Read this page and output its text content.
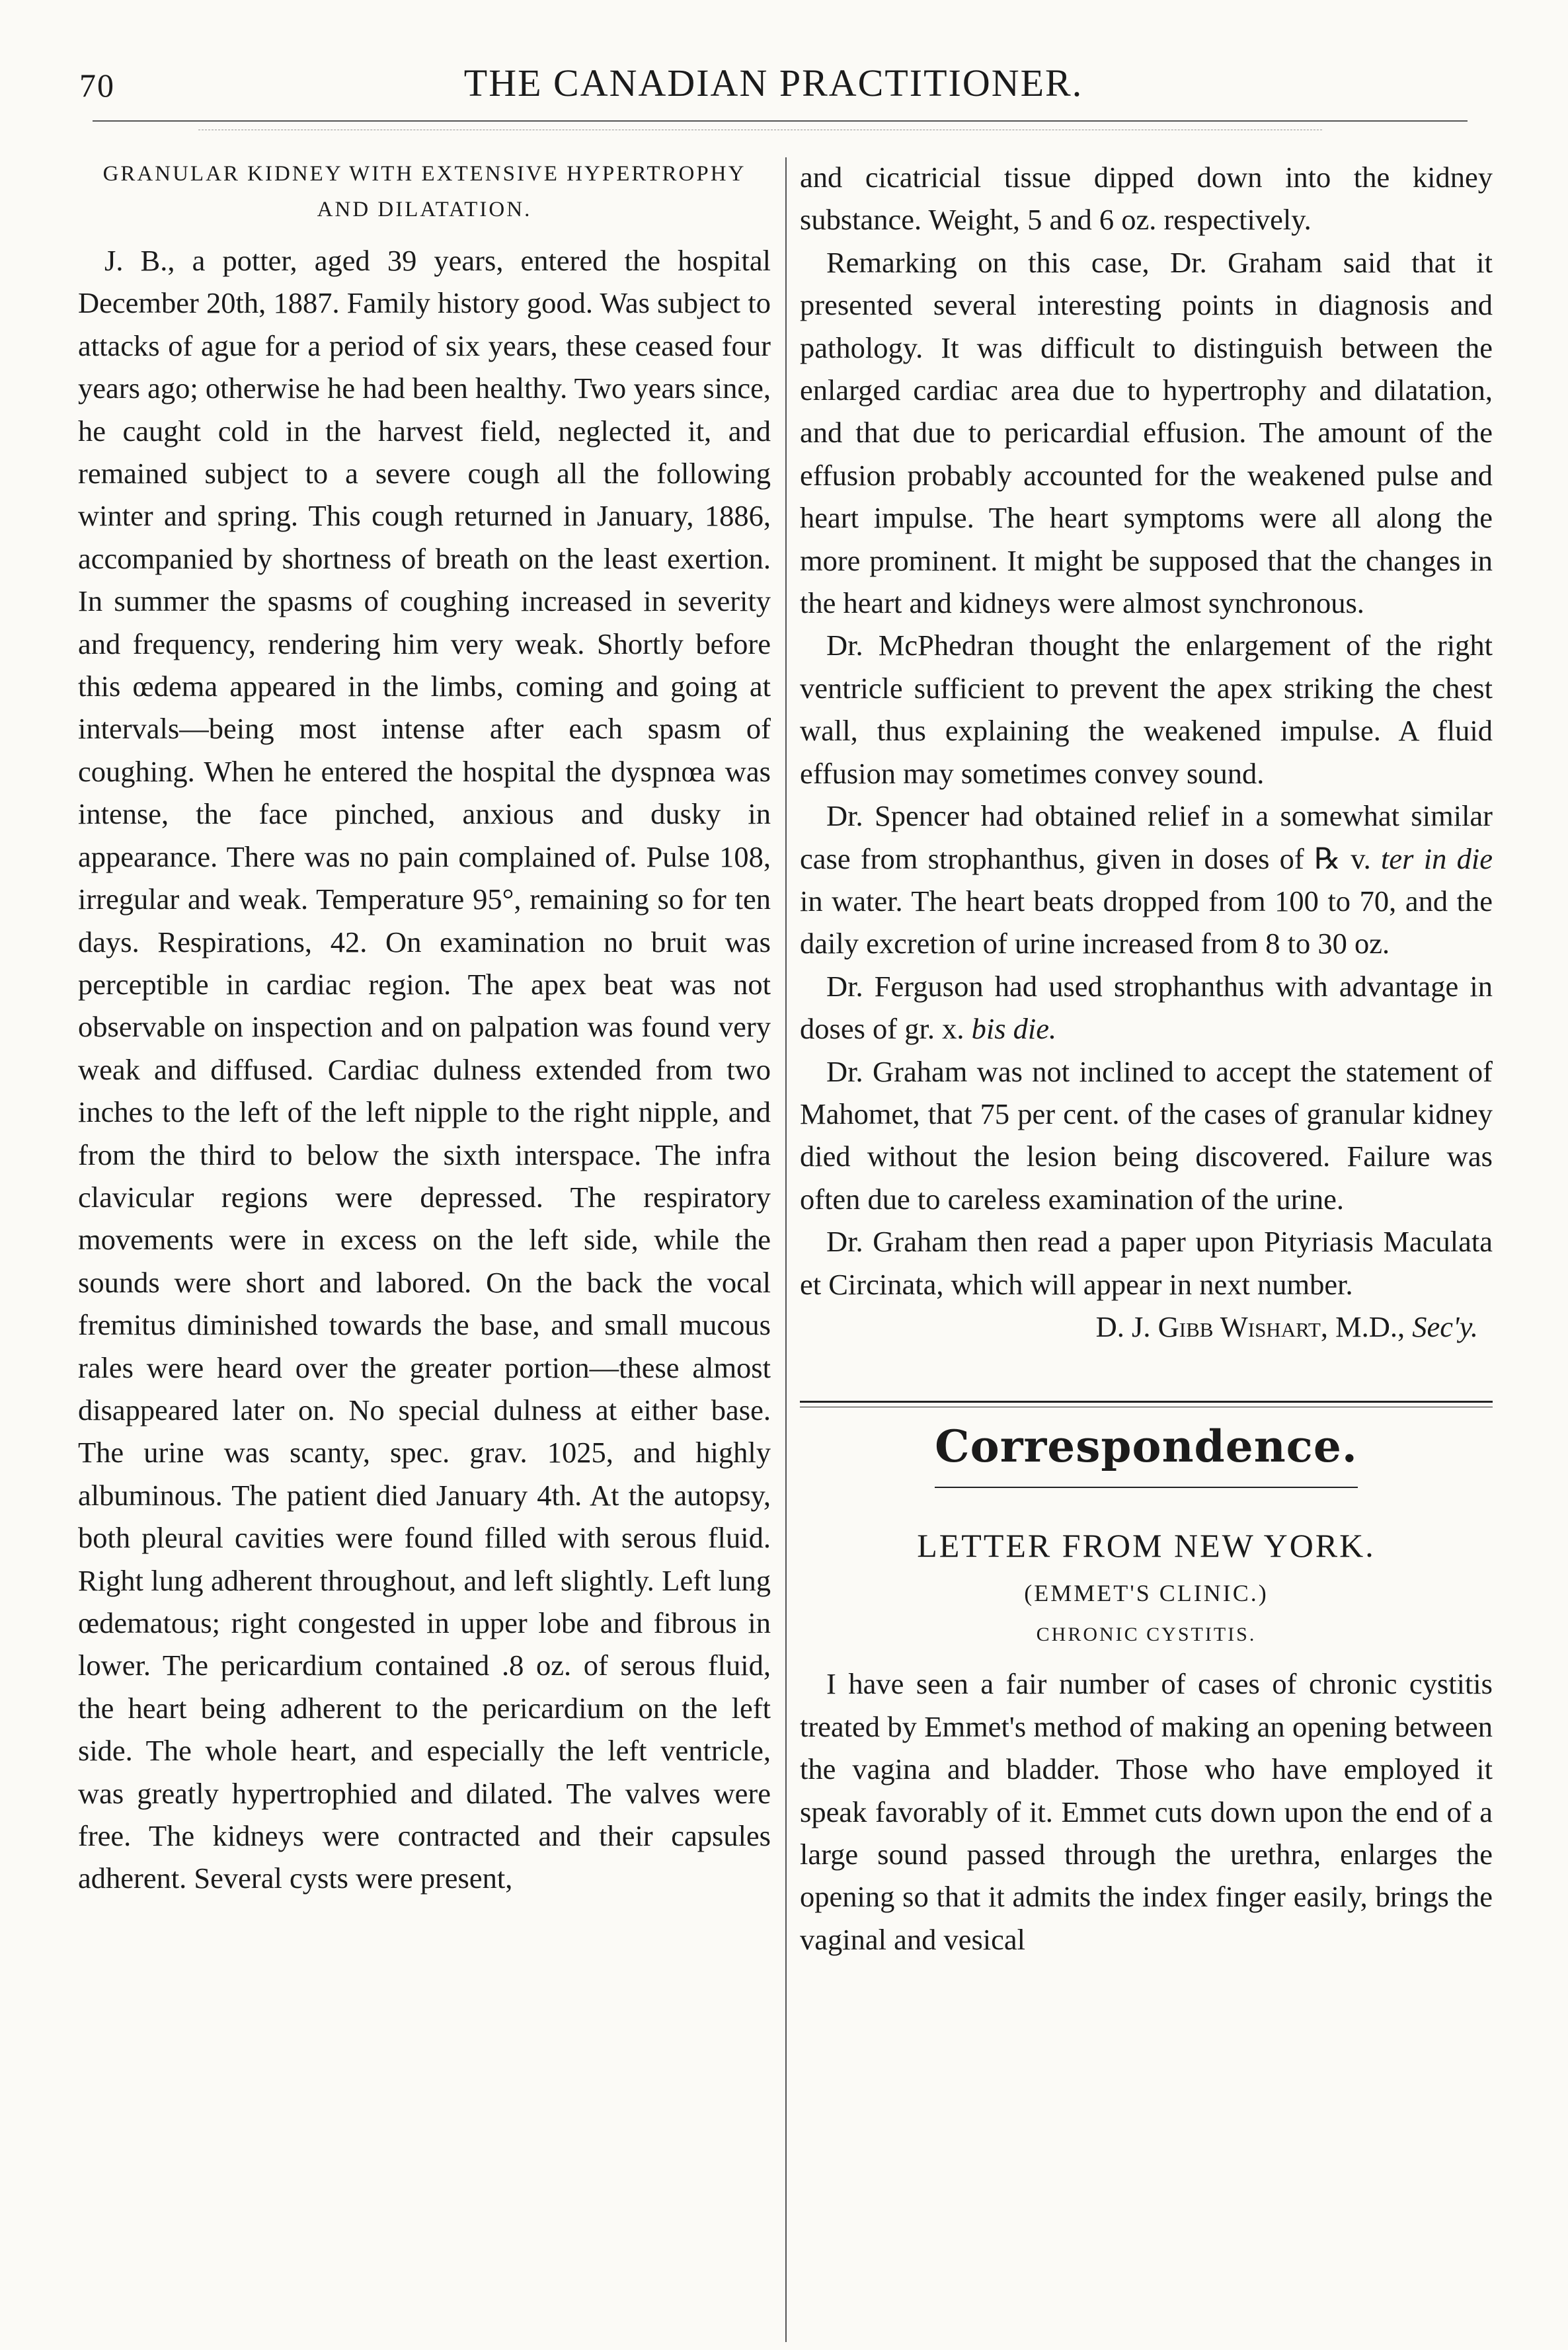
70	THE CANADIAN PRACTITIONER.
GRANULAR KIDNEY WITH EXTENSIVE HYPERTROPHY AND DILATATION.

J. B., a potter, aged 39 years, entered the hospital December 20th, 1887. Family history good. Was subject to attacks of ague for a period of six years, these ceased four years ago; otherwise he had been healthy. Two years since, he caught cold in the harvest field, neglected it, and remained subject to a severe cough all the following winter and spring. This cough returned in January, 1886, accompanied by shortness of breath on the least exertion. In summer the spasms of coughing increased in severity and frequency, rendering him very weak. Shortly before this œdema appeared in the limbs, coming and going at intervals—being most intense after each spasm of coughing. When he entered the hospital the dyspnœa was intense, the face pinched, anxious and dusky in appearance. There was no pain complained of. Pulse 108, irregular and weak. Temperature 95°, remaining so for ten days. Respirations, 42. On examination no bruit was perceptible in cardiac region. The apex beat was not observable on inspection and on palpation was found very weak and diffused. Cardiac dulness extended from two inches to the left of the left nipple to the right nipple, and from the third to below the sixth interspace. The infra clavicular regions were depressed. The respiratory movements were in excess on the left side, while the sounds were short and labored. On the back the vocal fremitus diminished towards the base, and small mucous rales were heard over the greater portion—these almost disappeared later on. No special dulness at either base. The urine was scanty, spec. grav. 1025, and highly albuminous. The patient died January 4th. At the autopsy, both pleural cavities were found filled with serous fluid. Right lung adherent throughout, and left slightly. Left lung œdematous; right congested in upper lobe and fibrous in lower. The pericardium contained .8 oz. of serous fluid, the heart being adherent to the pericardium on the left side. The whole heart, and especially the left ventricle, was greatly hypertrophied and dilated. The valves were free. The kidneys were contracted and their capsules adherent. Several cysts were present,

and cicatricial tissue dipped down into the kidney substance. Weight, 5 and 6 oz. respectively.

Remarking on this case, Dr. Graham said that it presented several interesting points in diagnosis and pathology. It was difficult to distinguish between the enlarged cardiac area due to hypertrophy and dilatation, and that due to pericardial effusion. The amount of the effusion probably accounted for the weakened pulse and heart impulse. The heart symptoms were all along the more prominent. It might be supposed that the changes in the heart and kidneys were almost synchronous.

Dr. McPhedran thought the enlargement of the right ventricle sufficient to prevent the apex striking the chest wall, thus explaining the weakened impulse. A fluid effusion may sometimes convey sound.

Dr. Spencer had obtained relief in a somewhat similar case from strophanthus, given in doses of ℞ v. ter in die in water. The heart beats dropped from 100 to 70, and the daily excretion of urine increased from 8 to 30 oz.

Dr. Ferguson had used strophanthus with advantage in doses of gr. x. bis die.

Dr. Graham was not inclined to accept the statement of Mahomet, that 75 per cent. of the cases of granular kidney died without the lesion being discovered. Failure was often due to careless examination of the urine.

Dr. Graham then read a paper upon Pityriasis Maculata et Circinata, which will appear in next number.

D. J. Gibb Wishart, M.D., Sec'y.
Correspondence.
LETTER FROM NEW YORK.
(EMMET'S CLINIC.)
CHRONIC CYSTITIS.

I have seen a fair number of cases of chronic cystitis treated by Emmet's method of making an opening between the vagina and bladder. Those who have employed it speak favorably of it. Emmet cuts down upon the end of a large sound passed through the urethra, enlarges the opening so that it admits the index finger easily, brings the vaginal and vesical
